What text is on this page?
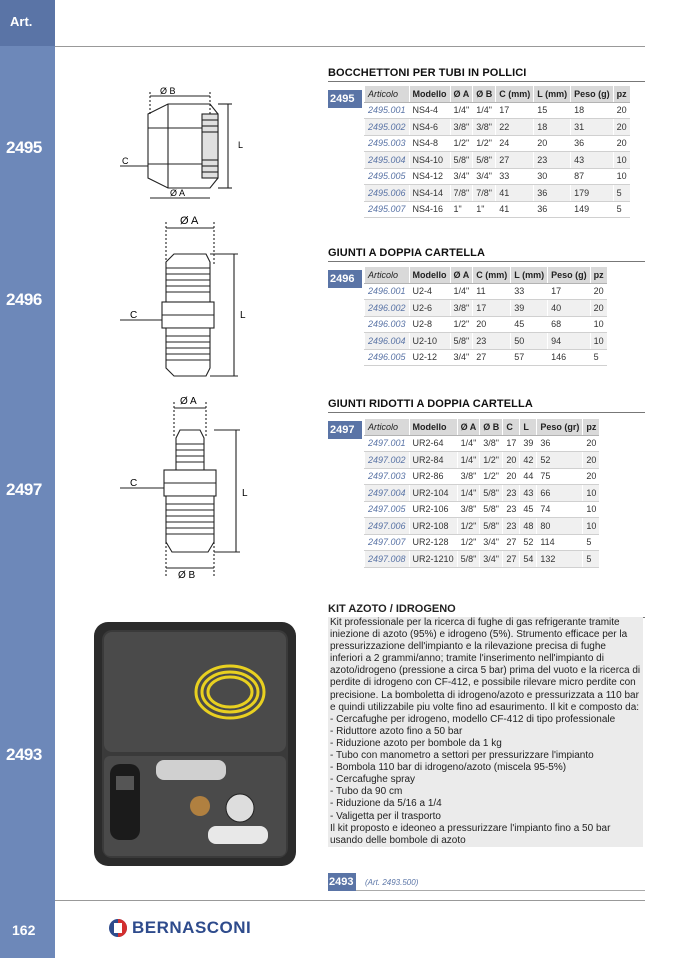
Art.
2495
2496
2497
2493
162
Ø B
Ø A
C
L
Ø A
C	L
Ø A
Ø B
C
L
BOCCHETTONI PER TUBI IN POLLICI
2495	Articolo	Modello	Ø A	Ø B	C (mm)	L (mm)	Peso (g)	pz
2495.001	NS4-4	1/4"	1/4"	17	15	18	20
2495.002	NS4-6	3/8"	3/8"	22	18	31	20
2495.003	NS4-8	1/2"	1/2"	24	20	36	20
2495.004	NS4-10	5/8"	5/8"	27	23	43	10
2495.005	NS4-12	3/4"	3/4"	33	30	87	10
2495.006	NS4-14	7/8"	7/8"	41	36	179	5
2495.007	NS4-16	1"	1"	41	36	149	5
GIUNTI A DOPPIA CARTELLA
2496	Articolo	Modello	Ø A	C (mm)	L (mm)	Peso (g)	pz
2496.001	U2-4	1/4"	11	33	17	20
2496.002	U2-6	3/8"	17	39	40	20
2496.003	U2-8	1/2"	20	45	68	10
2496.004	U2-10	5/8"	23	50	94	10
2496.005	U2-12	3/4"	27	57	146	5
GIUNTI RIDOTTI A DOPPIA CARTELLA
2497	Articolo	Modello	Ø A	Ø B	C	L	Peso (gr)	pz
2497.001	UR2-64	1/4"	3/8"	17	39	36	20
2497.002	UR2-84	1/4"	1/2"	20	42	52	20
2497.003	UR2-86	3/8"	1/2"	20	44	75	20
2497.004	UR2-104	1/4"	5/8"	23	43	66	10
2497.005	UR2-106	3/8"	5/8"	23	45	74	10
2497.006	UR2-108	1/2"	5/8"	23	48	80	10
2497.007	UR2-128	1/2"	3/4"	27	52	114	5
2497.008	UR2-1210	5/8"	3/4"	27	54	132	5
KIT AZOTO / IDROGENO

Kit professionale per la ricerca di fughe di gas refrigerante tramite iniezione di azoto (95%) e idrogeno (5%). Strumento efficace per la pressurizzazione dell'impianto e la rilevazione precisa di fughe inferiori a 2 grammi/anno; tramite l'inserimento nell'impianto di azoto/idrogeno (pressione a circa 5 bar) prima del vuoto e la ricerca di perdite di idrogeno con CF-412, e possibile rilevare micro perdite con precisione. La bomboletta di idrogeno/azoto e pressurizzata a 110 bar e quindi utilizzabile piu volte fino ad esaurimento. Il kit e composto da:

- Cercafughe per idrogeno, modello CF-412 di tipo professionale
- Riduttore azoto fino a 50 bar
- Riduzione azoto per bombole da 1 kg
- Tubo con manometro a settori per pressurizzare l'impianto
- Bombola 110 bar di idrogeno/azoto (miscela 95-5%)
- Cercafughe spray
- Tubo da 90 cm
- Riduzione da 5/16 a 1/4
- Valigetta per il trasporto

Il kit proposto e ideoneo a pressurizzare l'impianto fino a 50 bar usando delle bombole di azoto

2493	(Art. 2493.500)
BERNASCONI
